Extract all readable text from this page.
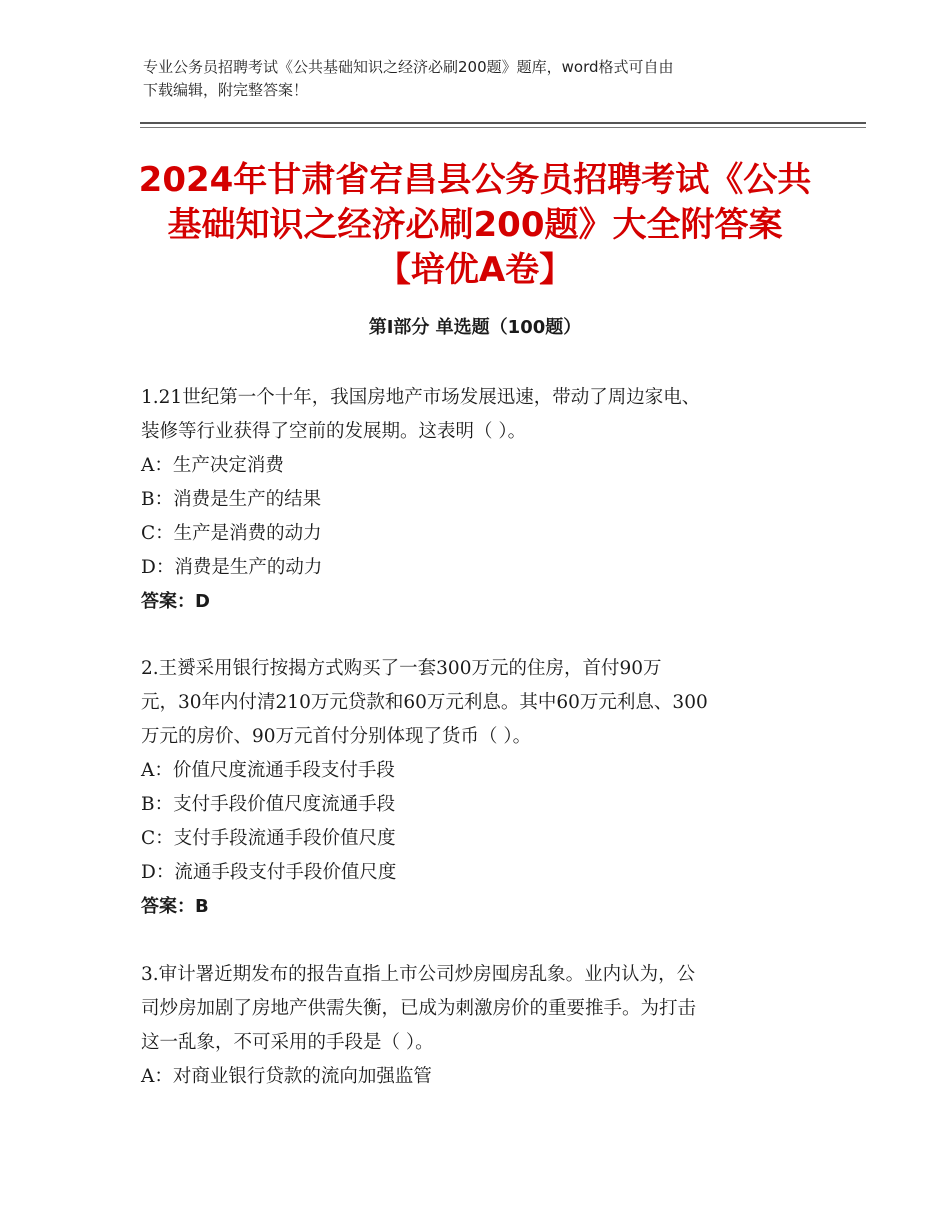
专业公务员招聘考试《公共基础知识之经济必刷200题》题库，word格式可自由
下载编辑，附完整答案！
2024年甘肃省宕昌县公务员招聘考试《公共
基础知识之经济必刷200题》大全附答案
【培优A卷】
第Ⅰ部分 单选题（100题）
1.21世纪第一个十年，我国房地产市场发展迅速，带动了周边家电、
装修等行业获得了空前的发展期。这表明（ ）。
A：生产决定消费
B：消费是生产的结果
C：生产是消费的动力
D：消费是生产的动力
答案：D
2.王赟采用银行按揭方式购买了一套300万元的住房，首付90万
元，30年内付清210万元贷款和60万元利息。其中60万元利息、300
万元的房价、90万元首付分别体现了货币（ ）。
A：价值尺度流通手段支付手段
B：支付手段价值尺度流通手段
C：支付手段流通手段价值尺度
D：流通手段支付手段价值尺度
答案：B
3.审计署近期发布的报告直指上市公司炒房囤房乱象。业内认为，公
司炒房加剧了房地产供需失衡，已成为刺激房价的重要推手。为打击
这一乱象，不可采用的手段是（ ）。
A：对商业银行贷款的流向加强监管
